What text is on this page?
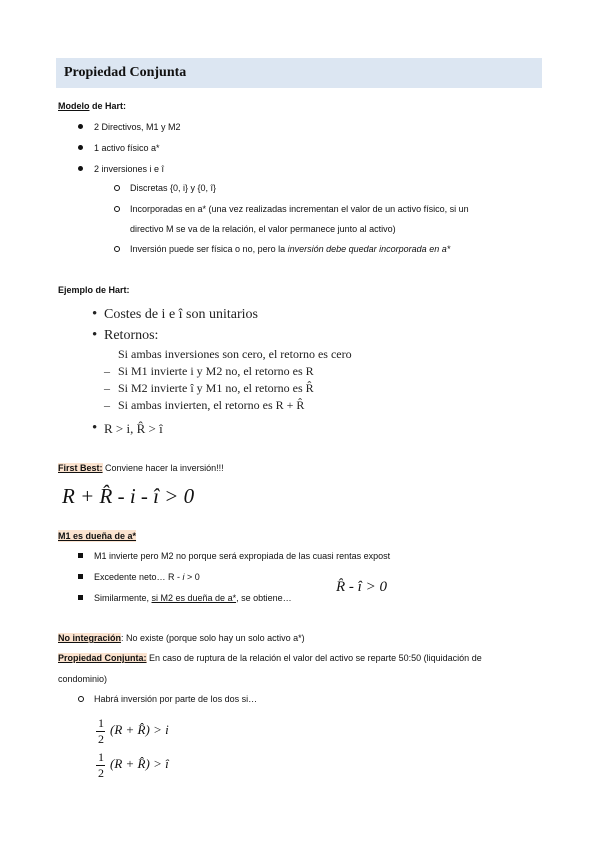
Propiedad Conjunta
Modelo de Hart:
2 Directivos, M1 y M2
1 activo físico a*
2 inversiones i e î
Discretas {0, i} y {0, î}
Incorporadas en a* (una vez realizadas incrementan el valor de un activo físico, si un
directivo M se va de la relación, el valor permanece junto al activo)
Inversión puede ser física o no, pero la inversión debe quedar incorporada en a*
Ejemplo de Hart:
• Costes de i e î son unitarios
• Retornos:
Si ambas inversiones son cero, el retorno es cero
– Si M1 invierte i y M2 no, el retorno es R
– Si M2 invierte î y M1 no, el retorno es R̂
– Si ambas invierten, el retorno es R + R̂
• R > i, R̂ > î
First Best: Conviene hacer la inversión!!!
R + R̂ - i - î > 0
M1 es dueña de a*
M1 invierte pero M2 no porque será expropiada de las cuasi rentas expost
Excedente neto… R - i > 0
Similarmente, si M2 es dueña de a*, se obtiene…
R̂ - î > 0
No integración: No existe (porque solo hay un solo activo a*)
Propiedad Conjunta: En caso de ruptura de la relación el valor del activo se reparte 50:50 (liquidación de
condominio)
Habrá inversión por parte de los dos si…
1
2
(R + R̂) > i
1
2
(R + R̂) > î
